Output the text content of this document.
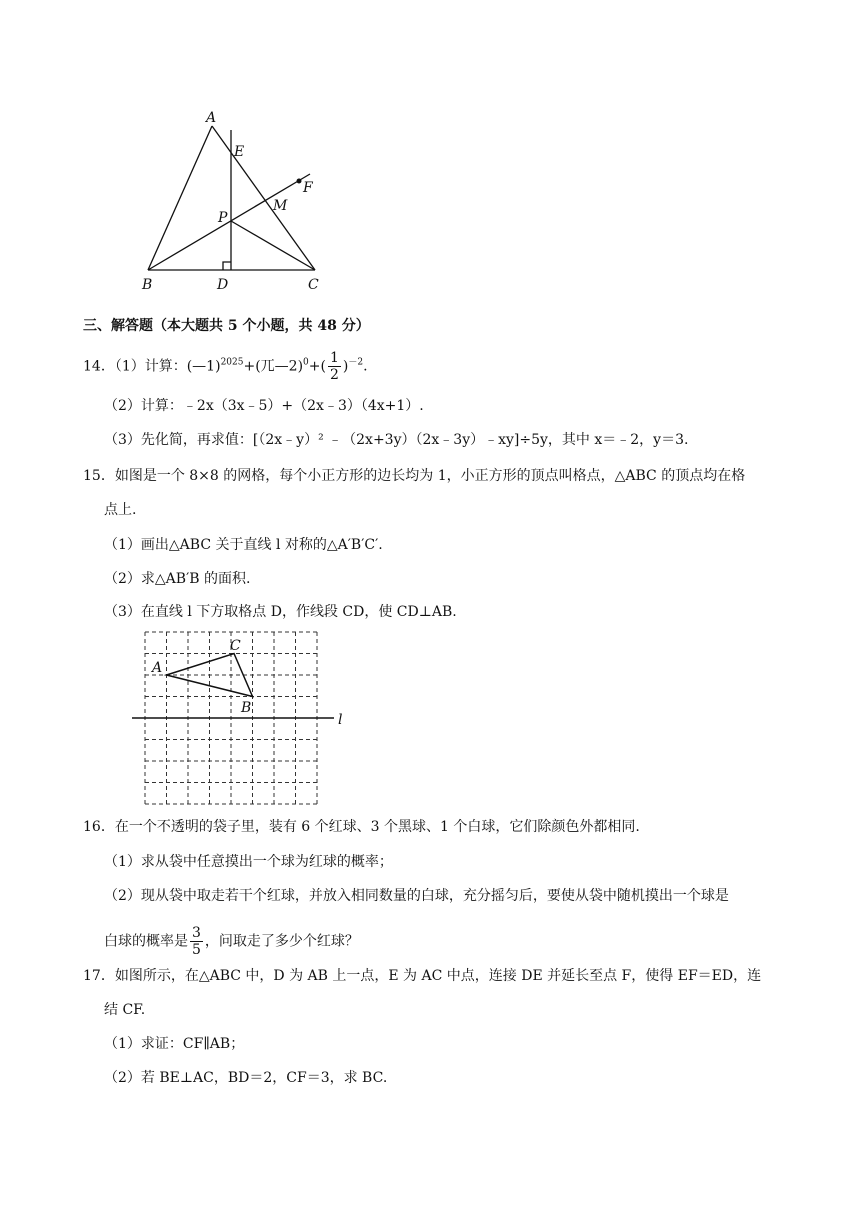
A
E
F
M
P
B	D	C
三、解答题（本大题共 5 个小题，共 48 分）
14．（1）计算：(—1)$^{2025}$+(兀—2)$^0$+( $\frac{1}{2} )^{-2}$.
（2）计算：﹣2x（3x﹣5）+（2x﹣3）（4x+1）.
（3）先化简，再求值：[（2x﹣y）² ﹣（2x+3y）（2x﹣3y）﹣xy]÷5y，其中 x＝﹣2，y＝3.
15．如图是一个 8×8 的网格，每个小正方形的边长均为 1，小正方形的顶点叫格点，△ABC 的顶点均在格
点上.
（1）画出△ABC 关于直线 l 对称的△A′B′C′.
（2）求△AB′B 的面积.
（3）在直线 l 下方取格点 D，作线段 CD，使 CD⊥AB.
A
C
B
l
16．在一个不透明的袋子里，装有 6 个红球、3 个黑球、1 个白球，它们除颜色外都相同.
（1）求从袋中任意摸出一个球为红球的概率；
（2）现从袋中取走若干个红球，并放入相同数量的白球，充分摇匀后，要使从袋中随机摸出一个球是
白球的概率是 $\frac{3}{5}$ ，问取走了多少个红球？
17．如图所示，在△ABC 中，D 为 AB 上一点，E 为 AC 中点，连接 DE 并延长至点 F，使得 EF＝ED，连
结 CF.
（1）求证：CF∥AB；
（2）若 BE⊥AC，BD＝2，CF＝3，求 BC.
